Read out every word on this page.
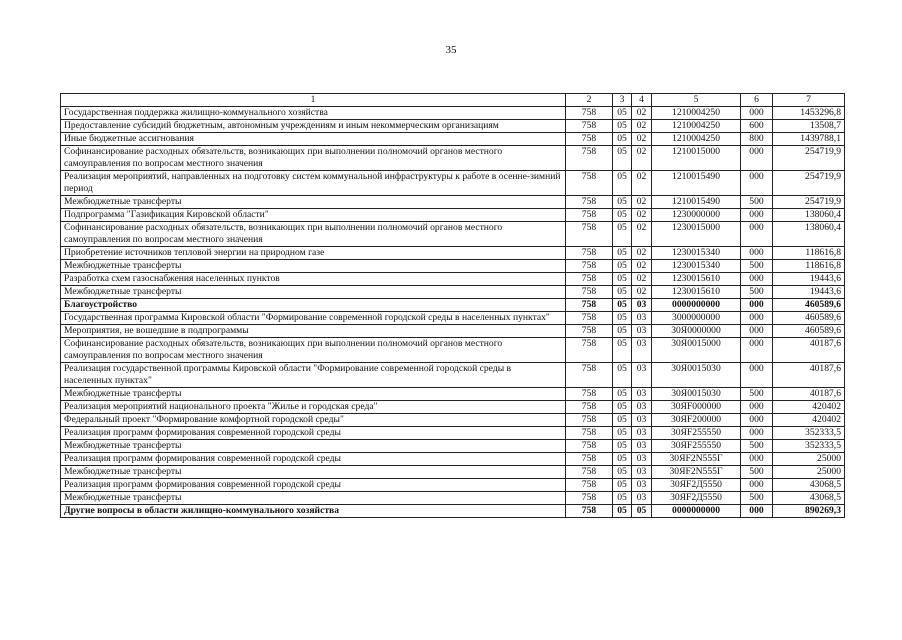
35
1	2	3	4	5	6	7
Государственная поддержка жилищно-коммунального хозяйства	758	05	02	1210004250	000	1453296,8
Предоставление субсидий бюджетным, автономным учреждениям и иным некоммерческим организациям	758	05	02	1210004250	600	13508,7
Иные бюджетные ассигнования	758	05	02	1210004250	800	1439788,1
Софинансирование расходных обязательств, возникающих при выполнении полномочий органов местного самоуправления по вопросам местного значения	758	05	02	1210015000	000	254719,9
Реализация мероприятий, направленных на подготовку систем коммунальной инфраструктуры к работе в осенне-зимний период	758	05	02	1210015490	000	254719,9
Межбюджетные трансферты	758	05	02	1210015490	500	254719,9
Подпрограмма "Газификация Кировской области"	758	05	02	1230000000	000	138060,4
Софинансирование расходных обязательств, возникающих при выполнении полномочий органов местного самоуправления по вопросам местного значения	758	05	02	1230015000	000	138060,4
Приобретение источников тепловой энергии на природном газе	758	05	02	1230015340	000	118616,8
Межбюджетные трансферты	758	05	02	1230015340	500	118616,8
Разработка схем газоснабжения населенных пунктов	758	05	02	1230015610	000	19443,6
Межбюджетные трансферты	758	05	02	1230015610	500	19443,6
Благоустройство	758	05	03	0000000000	000	460589,6
Государственная программа Кировской области "Формирование современной городской среды в населенных пунктах"	758	05	03	3000000000	000	460589,6
Мероприятия, не вошедшие в подпрограммы	758	05	03	30Я0000000	000	460589,6
Софинансирование расходных обязательств, возникающих при выполнении полномочий органов местного самоуправления по вопросам местного значения	758	05	03	30Я0015000	000	40187,6
Реализация государственной программы Кировской области "Формирование современной городской среды в населенных пунктах"	758	05	03	30Я0015030	000	40187,6
Межбюджетные трансферты	758	05	03	30Я0015030	500	40187,6
Реализация мероприятий национального проекта "Жилье и городская среда"	758	05	03	30ЯF000000	000	420402
Федеральный проект "Формирование комфортной городской среды"	758	05	03	30ЯF200000	000	420402
Реализация программ формирования современной городской среды	758	05	03	30ЯF255550	000	352333,5
Межбюджетные трансферты	758	05	03	30ЯF255550	500	352333,5
Реализация программ формирования современной городской среды	758	05	03	30ЯF2N555Г	000	25000
Межбюджетные трансферты	758	05	03	30ЯF2N555Г	500	25000
Реализация программ формирования современной городской среды	758	05	03	30ЯF2Д5550	000	43068,5
Межбюджетные трансферты	758	05	03	30ЯF2Д5550	500	43068,5
Другие вопросы в области жилищно-коммунального хозяйства	758	05	05	0000000000	000	890269,3
